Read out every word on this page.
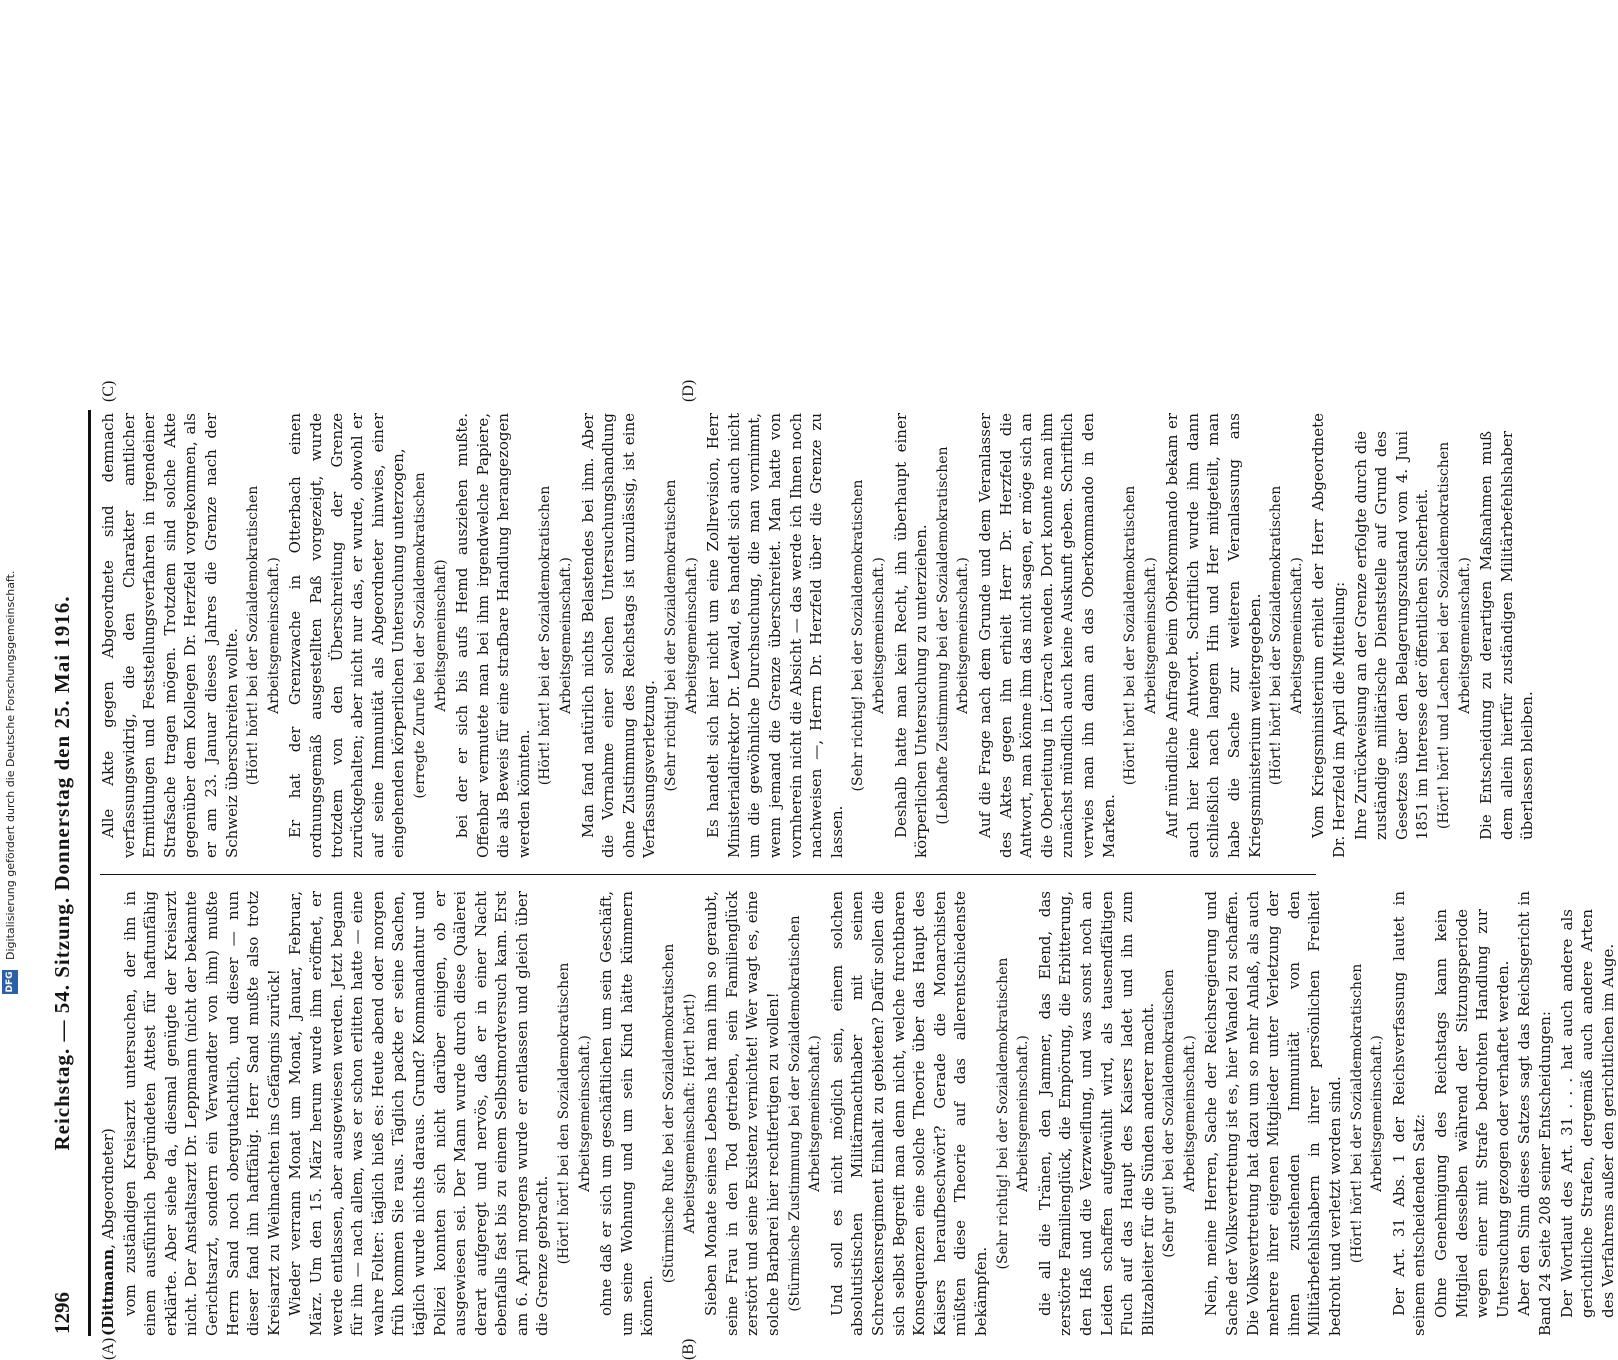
1296
Reichstag. — 54. Sitzung. Donnerstag den 25. Mai 1916.
(A)	(B)
(C)	(D)

(Dittmann, Abgeordneter) vom zuständigen Kreisarzt untersuchen, der ihn in einem ausführlich begründeten Attest für haftunfähig erklärte. Aber siehe da, diesmal genügte der Kreisarzt nicht. Der Anstaltsarzt Dr. Leppmann (nicht der bekannte Gerichtsarzt, sondern ein Verwandter von ihm) mußte Herrn Sand noch obergutachtlich, und dieser — nun dieser fand ihn haftfähig. Herr Sand mußte also trotz Kreisarzt zu Weihnachten ins Gefängnis zurück! Wieder verrann Monat um Monat, Januar, Februar, März. Um den 15. März herum wurde ihm eröffnet, er werde entlassen, aber ausgewiesen werden. Jetzt begann für ihn — nach allem, was er schon erlitten hatte — eine wahre Folter: täglich hieß es: Heute abend oder morgen früh kommen Sie raus. Täglich packte er seine Sachen, täglich wurde nichts daraus. Grund? Kommandantur und Polizei konnten sich nicht darüber einigen, ob er ausgewiesen sei. Der Mann wurde durch diese Quälerei derart aufgeregt und nervös, daß er in einer Nacht ebenfalls fast bis zu einem Selbstmordversuch kam. Erst am 6. April morgens wurde er entlassen und gleich über die Grenze gebracht. (Hört! hört! bei den Sozialdemokratischen Arbeitsgemeinschaft.) ohne daß er sich um geschäftlichen um sein Geschäft, um seine Wohnung und um sein Kind hätte kümmern können.

(Stürmische Rufe bei der Sozialdemokratischen Arbeitsgemeinschaft: Hört! hört!) Sieben Monate seines Lebens hat man ihm so geraubt, seine Frau in den Tod getrieben, sein Familienglück zerstört und seine Existenz vernichtet! Wer wagt es, eine solche Barbarei hier rechtfertigen zu wollen! (Stürmische Zustimmung bei der Sozialdemokratischen Arbeitsgemeinschaft.) Und soll es nicht möglich sein, einem solchen absolutistischen Militärmachthaber mit seinen Schreckensregiment Einhalt zu gebieten? Dafür sollen die sich selbst Begreift man denn nicht, welche furchtbaren Konsequenzen eine solche Theorie über das Haupt des Kaisers heraufbeschwört? Gerade die Monarchisten müßten diese Theorie auf das allerentschiedenste bekämpfen.

(Sehr richtig! bei der Sozialdemokratischen Arbeitsgemeinschaft.) die all die Tränen, den Jammer, das Elend, das zerstörte Familienglück, die Empörung, die Erbitterung, den Haß und die Verzweiflung, und was sonst noch an Leiden schaffen aufgewühlt wird, als tausendfältigen Fluch auf das Haupt des Kaisers ladet und ihn zum Blitzableiter für die Sünden anderer macht. (Sehr gut! bei der Sozialdemokratischen Arbeitsgemeinschaft.) Nein, meine Herren, Sache der Reichsregierung und Sache der Volksvertretung ist es, hier Wandel zu schaffen. Die Volksvertretung hat dazu um so mehr Anlaß, als auch mehrere ihrer eigenen Mitglieder unter Verletzung der ihnen zustehenden Immunität von den Militärbefehlshabern in ihrer persönlichen Freiheit bedroht und verletzt worden sind. (Hört! hört! bei der Sozialdemokratischen Arbeitsgemeinschaft.) Der Art. 31 Abs. 1 der Reichsverfassung lautet in seinem entscheidenden Satz: Ohne Genehmigung des Reichstags kann kein Mitglied desselben während der Sitzungsperiode wegen einer mit Strafe bedrohten Handlung zur Untersuchung gezogen oder verhaftet werden. Aber den Sinn dieses Satzes sagt das Reichsgericht in Band 24 Seite 208 seiner Entscheidungen: Der Wortlaut des Art. 31 . . . hat auch andere als gerichtliche Strafen, dergemäß auch andere Arten des Verfahrens außer den gerichtlichen im Auge.

Alle Akte gegen Abgeordnete sind demnach verfassungswidrig, die den Charakter amtlicher Ermittlungen und Feststellungsverfahren in irgendeiner Strafsache tragen mögen. Trotzdem sind solche Akte gegenüber dem Kollegen Dr. Herzfeld vorgekommen, als er am 23. Januar dieses Jahres die Grenze nach der Schweiz überschreiten wollte. (Hört! hört! bei der Sozialdemokratischen Arbeitsgemeinschaft.) Er hat der Grenzwache in Otterbach einen ordnungsgemäß ausgestellten Paß vorgezeigt, wurde trotzdem von den Überschreitung der Grenze zurückgehalten; aber nicht nur das, er wurde, obwohl er auf seine Immunität als Abgeordneter hinwies, einer eingehenden körperlichen Untersuchung unterzogen, (erregte Zurufe bei der Sozialdemokratischen Arbeitsgemeinschaft) bei der er sich bis aufs Hemd ausziehen mußte. Offenbar vermutete man bei ihm irgendwelche Papiere, die als Beweis für eine strafbare Handlung herangezogen werden könnten.

(Hört! hört! bei der Sozialdemokratischen Arbeitsgemeinschaft.) Man fand natürlich nichts Belastendes bei ihm. Aber die Vornahme einer solchen Untersuchungshandlung ohne Zustimmung des Reichstags ist unzulässig, ist eine Verfassungsverletzung. (Sehr richtig! bei der Sozialdemokratischen Arbeitsgemeinschaft.) Es handelt sich hier nicht um eine Zollrevision, Herr Ministerialdirektor Dr. Lewald, es handelt sich auch nicht um die gewöhnliche Durchsuchung, die man vornimmt, wenn jemand die Grenze überschreitet. Man hatte von vornherein nicht die Absicht — das werde ich Ihnen noch nachweisen —, Herrn Dr. Herzfeld über die Grenze zu lassen.

(Sehr richtig! bei der Sozialdemokratischen Arbeitsgemeinschaft.) Deshalb hatte man kein Recht, ihn überhaupt einer körperlichen Untersuchung zu unterziehen. (Lebhafte Zustimmung bei der Sozialdemokratischen Arbeitsgemeinschaft.) Auf die Frage nach dem Grunde und dem Veranlasser des Aktes gegen ihn erhielt Herr Dr. Herzfeld die Antwort, man könne ihm das nicht sagen, er möge sich an die Oberleitung in Lörrach wenden. Dort konnte man ihm zunächst mündlich auch keine Auskunft geben. Schriftlich verwies man ihn dann an das Oberkommando in den Marken.

(Hört! hört! bei der Sozialdemokratischen Arbeitsgemeinschaft.) Auf mündliche Anfrage beim Oberkommando bekam er auch hier keine Antwort. Schriftlich wurde ihm dann schließlich nach langem Hin und Her mitgeteilt, man habe die Sache zur weiteren Veranlassung ans Kriegsministerium weitergegeben. (Hört! hört! bei der Sozialdemokratischen Arbeitsgemeinschaft.) Vom Kriegsministerium erhielt der Herr Abgeordnete Dr. Herzfeld im April die Mitteilung: Ihre Zurückweisung an der Grenze erfolgte durch die zuständige militärische Dienststelle auf Grund des Gesetzes über den Belagerungszustand vom 4. Juni 1851 im Interesse der öffentlichen Sicherheit. (Hört! hört! und Lachen bei der Sozialdemokratischen Arbeitsgemeinschaft.) Die Entscheidung zu derartigen Maßnahmen muß dem allein hierfür zuständigen Militärbefehlshaber überlassen bleiben.

DFG
Digitalisierung gefördert durch die Deutsche Forschungsgemeinschaft.
